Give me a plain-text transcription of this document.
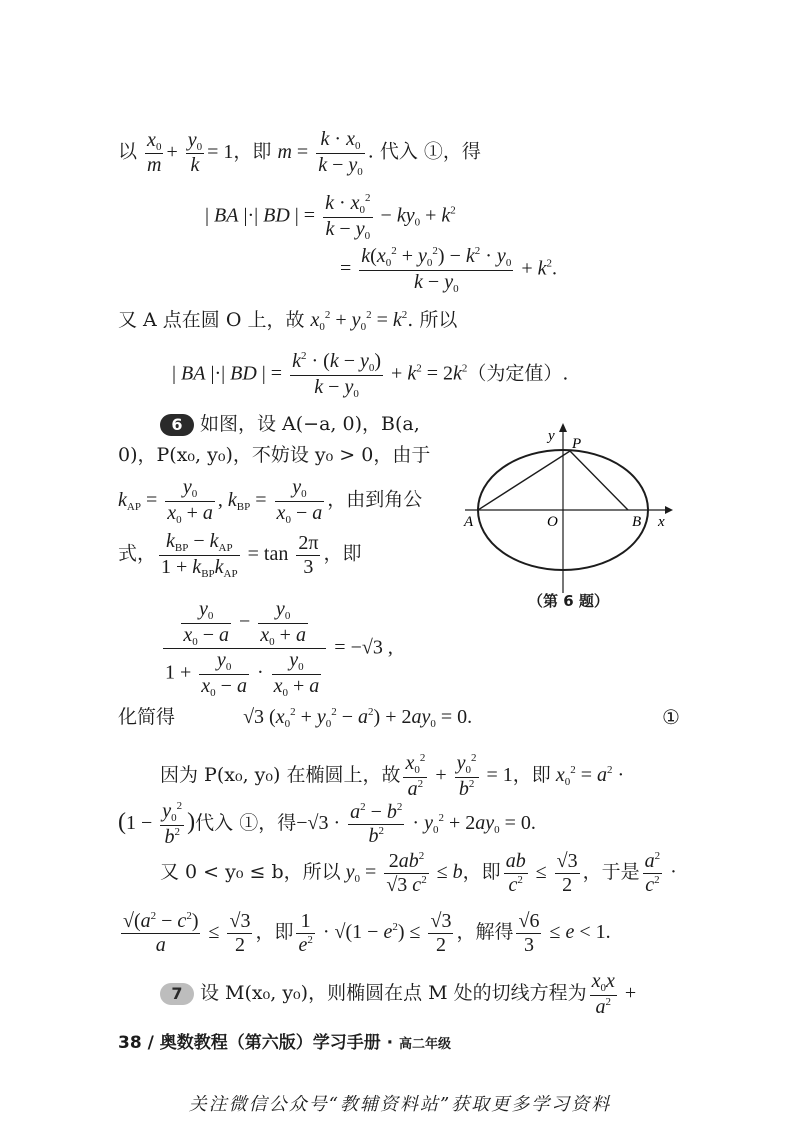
以 $\frac{x_0}{m} + \frac{y_0}{k} = 1$，即 $m = \frac{k \cdot x_0}{k - y_0}$ . 代入 ①，得
| BA |·| BD | = $\frac{k \cdot x_0^2}{k - y_0} - ky_0 + k^2$
= $\frac{k(x_0^2 + y_0^2) - k^2 \cdot y_0}{k - y_0} + k^2$.
又 A 点在圆 O 上，故 $x_0^2 + y_0^2 = k^2$. 所以
| BA |·| BD | = $\frac{k^2 \cdot (k - y_0)}{k - y_0} + k^2 = 2k^2$（为定值）.
6 如图，设 A(−a, 0)，B(a,
0)，P(x₀, y₀)，不妨设 y₀ > 0，由于
$k_{AP} = \frac{y_0}{x_0 + a}$ , $k_{BP} = \frac{y_0}{x_0 - a}$ ，由到角公
式，
$k_{BP} - k_{AP}$
$1 + k_{BP}k_{AP}$
= $\tan \frac{2\pi}{3}$ ，即
y P
A	O	B x
（第 6 题）
$\frac{\frac{y_0}{x_0 - a} - \frac{y_0}{x_0 + a}}{1 + \frac{y_0}{x_0 - a} \cdot \frac{y_0}{x_0 + a}} = -√3$ ,
化简得	√3 $(x_0^2 + y_0^2 - a^2) + 2ay_0 = 0$.	①
因为 P(x₀, y₀) 在椭圆上，故 $\frac{x_0^2}{a^2} + \frac{y_0^2}{b^2} = 1$，即 $x_0^2 = a^2$ ·
($1 - \frac{y_0^2}{b^2}$ )代入 ①，得$-√3 \cdot \frac{a^2 - b^2}{b^2} \cdot y_0^2 + 2ay_0 = 0$.
又 0 < y₀ ≤ b，所以 $y_0 = \frac{2ab^2}{√3 c^2} \le b$，即 $\frac{ab}{c^2} \le \frac{√3}{2}$ ，于是 $\frac{a^2}{c^2}$ ·
$\frac{√(a^2 - c^2)}{a} \le \frac{√3}{2}$ ，即 $\frac{1}{e^2} \cdot √(1 - e^2) \le \frac{√3}{2}$ ，解得 $\frac{√6}{3} \le e < 1$.
7 设 M(x₀, y₀)，则椭圆在点 M 处的切线方程为 $\frac{x_0x}{a^2}$ +
38 / 奥数教程（第六版）学习手册 · 高二年级
关注微信公众号“教辅资料站”获取更多学习资料
